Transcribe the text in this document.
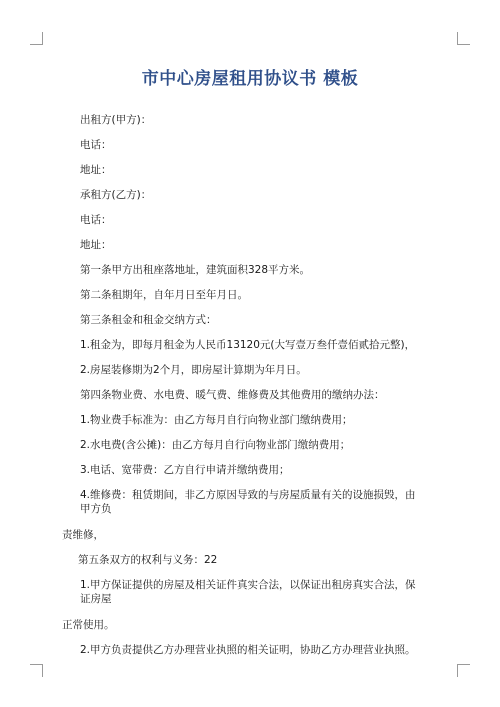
市中心房屋租用协议书 模板

出租方(甲方)：

电话：

地址：

承租方(乙方)：

电话：

地址：

第一条甲方出租座落地址，建筑面积328平方米。

第二条租期年，自年月日至年月日。

第三条租金和租金交纳方式：

1.租金为，即每月租金为人民币13120元(大写壹万叁仟壹佰贰拾元整)，

2.房屋装修期为2个月，即房屋计算期为年月日。

第四条物业费、水电费、暖气费、维修费及其他费用的缴纳办法：

1.物业费手标准为：由乙方每月自行向物业部门缴纳费用；

2.水电费(含公摊)：由乙方每月自行向物业部门缴纳费用；

3.电话、宽带费：乙方自行申请并缴纳费用；

4.维修费：租赁期间，非乙方原因导致的与房屋质量有关的设施损毁，由甲方负
责维修，

第五条双方的权利与义务：22

1.甲方保证提供的房屋及相关证件真实合法，以保证出租房真实合法，保证房屋
正常使用。

2.甲方负责提供乙方办理营业执照的相关证明，协助乙方办理营业执照。
